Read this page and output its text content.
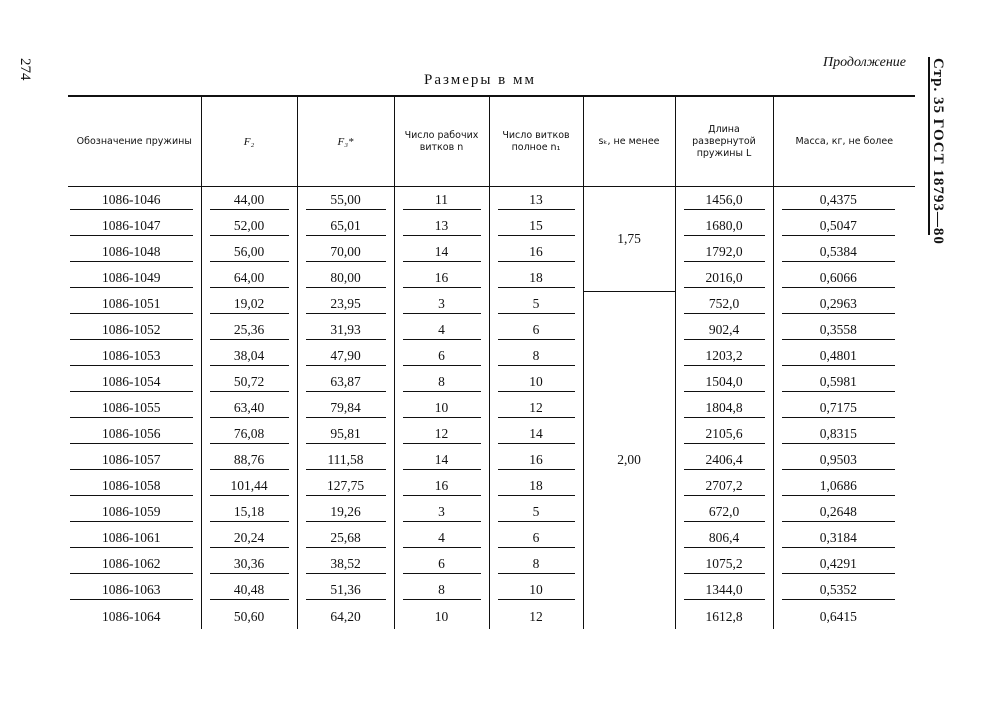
274	Продолжение
Размеры в мм	Стр. 35 ГОСТ 18793—80
Обозначение пружины	F₂	F₃*	Число рабочих витков n	Число витков полное n₁	sₖ, не менее	Длина развернутой пружины L	Масса, кг, не более

1086-1046	44,00	55,00	11	13	1,75	1456,0	0,4375

1086-1047	52,00	65,01	13	15		1680,0	0,5047

1086-1048	56,00	70,00	14	16		1792,0	0,5384

1086-1049	64,00	80,00	16	18		2016,0	0,6066

1086-1051	19,02	23,95	3	5	2,00	752,0	0,2963

1086-1052	25,36	31,93	4	6		902,4	0,3558

1086-1053	38,04	47,90	6	8		1203,2	0,4801

1086-1054	50,72	63,87	8	10		1504,0	0,5981

1086-1055	63,40	79,84	10	12		1804,8	0,7175

1086-1056	76,08	95,81	12	14		2105,6	0,8315

1086-1057	88,76	111,58	14	16		2406,4	0,9503

1086-1058	101,44	127,75	16	18		2707,2	1,0686

1086-1059	15,18	19,26	3	5		672,0	0,2648

1086-1061	20,24	25,68	4	6		806,4	0,3184

1086-1062	30,36	38,52	6	8		1075,2	0,4291

1086-1063	40,48	51,36	8	10		1344,0	0,5352

1086-1064	50,60	64,20	10	12		1612,8	0,6415
